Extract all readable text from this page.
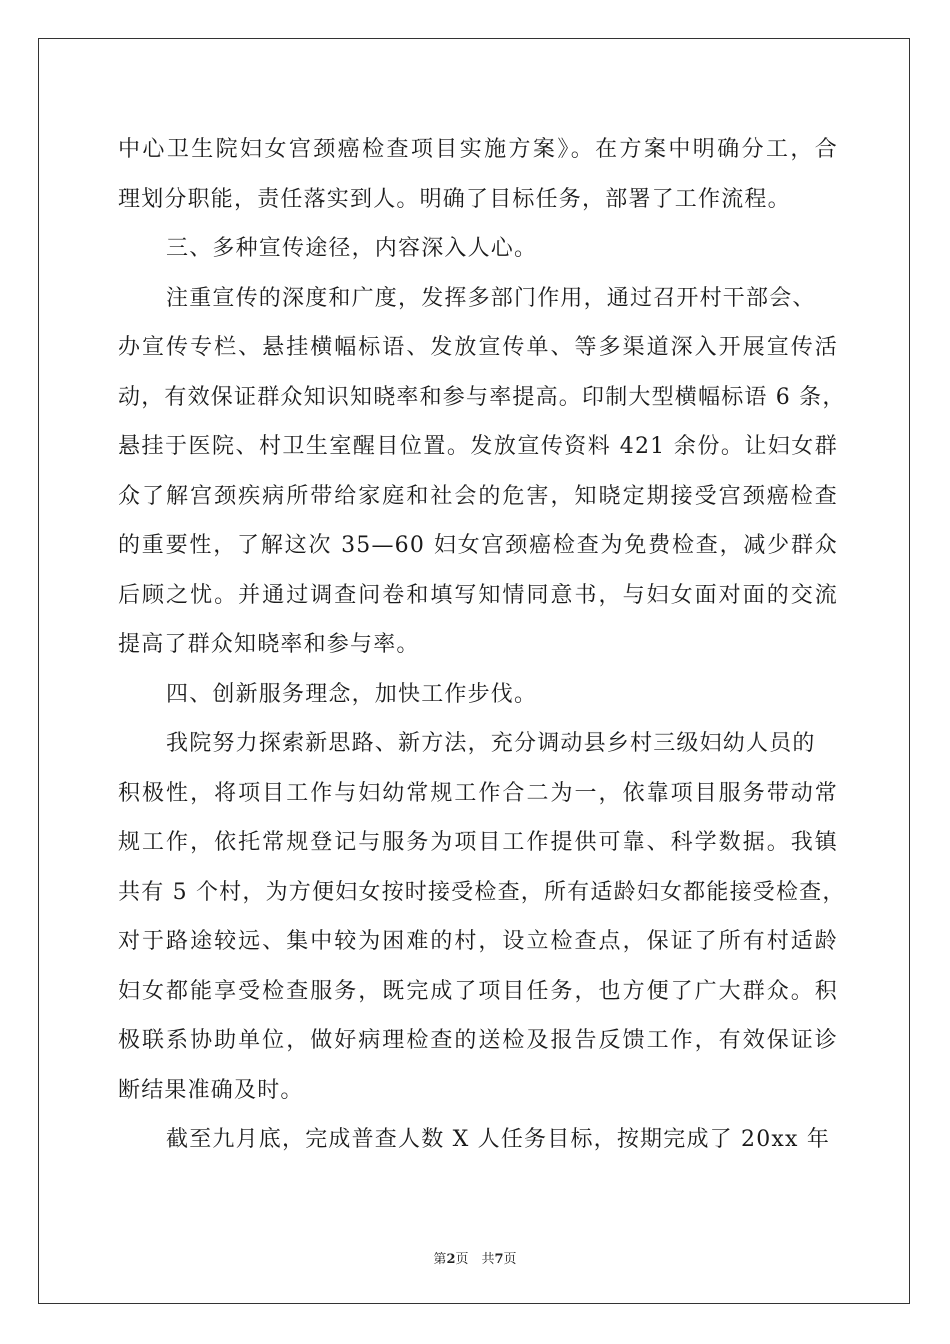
中心卫生院妇女宫颈癌检查项目实施方案》。在方案中明确分工，合
理划分职能，责任落实到人。明确了目标任务，部署了工作流程。
三、多种宣传途径，内容深入人心。
注重宣传的深度和广度，发挥多部门作用，通过召开村干部会、
办宣传专栏、悬挂横幅标语、发放宣传单、等多渠道深入开展宣传活
动，有效保证群众知识知晓率和参与率提高。印制大型横幅标语 6 条，
悬挂于医院、村卫生室醒目位置。发放宣传资料 421 余份。让妇女群
众了解宫颈疾病所带给家庭和社会的危害，知晓定期接受宫颈癌检查
的重要性，了解这次 35—60 妇女宫颈癌检查为免费检查，减少群众
后顾之忧。并通过调查问卷和填写知情同意书，与妇女面对面的交流
提高了群众知晓率和参与率。
四、创新服务理念，加快工作步伐。
我院努力探索新思路、新方法，充分调动县乡村三级妇幼人员的
积极性，将项目工作与妇幼常规工作合二为一，依靠项目服务带动常
规工作，依托常规登记与服务为项目工作提供可靠、科学数据。我镇
共有 5 个村，为方便妇女按时接受检查，所有适龄妇女都能接受检查，
对于路途较远、集中较为困难的村，设立检查点，保证了所有村适龄
妇女都能享受检查服务，既完成了项目任务，也方便了广大群众。积
极联系协助单位，做好病理检查的送检及报告反馈工作，有效保证诊
断结果准确及时。
截至九月底，完成普查人数 X 人任务目标，按期完成了 20xx 年
第2页　共7页
